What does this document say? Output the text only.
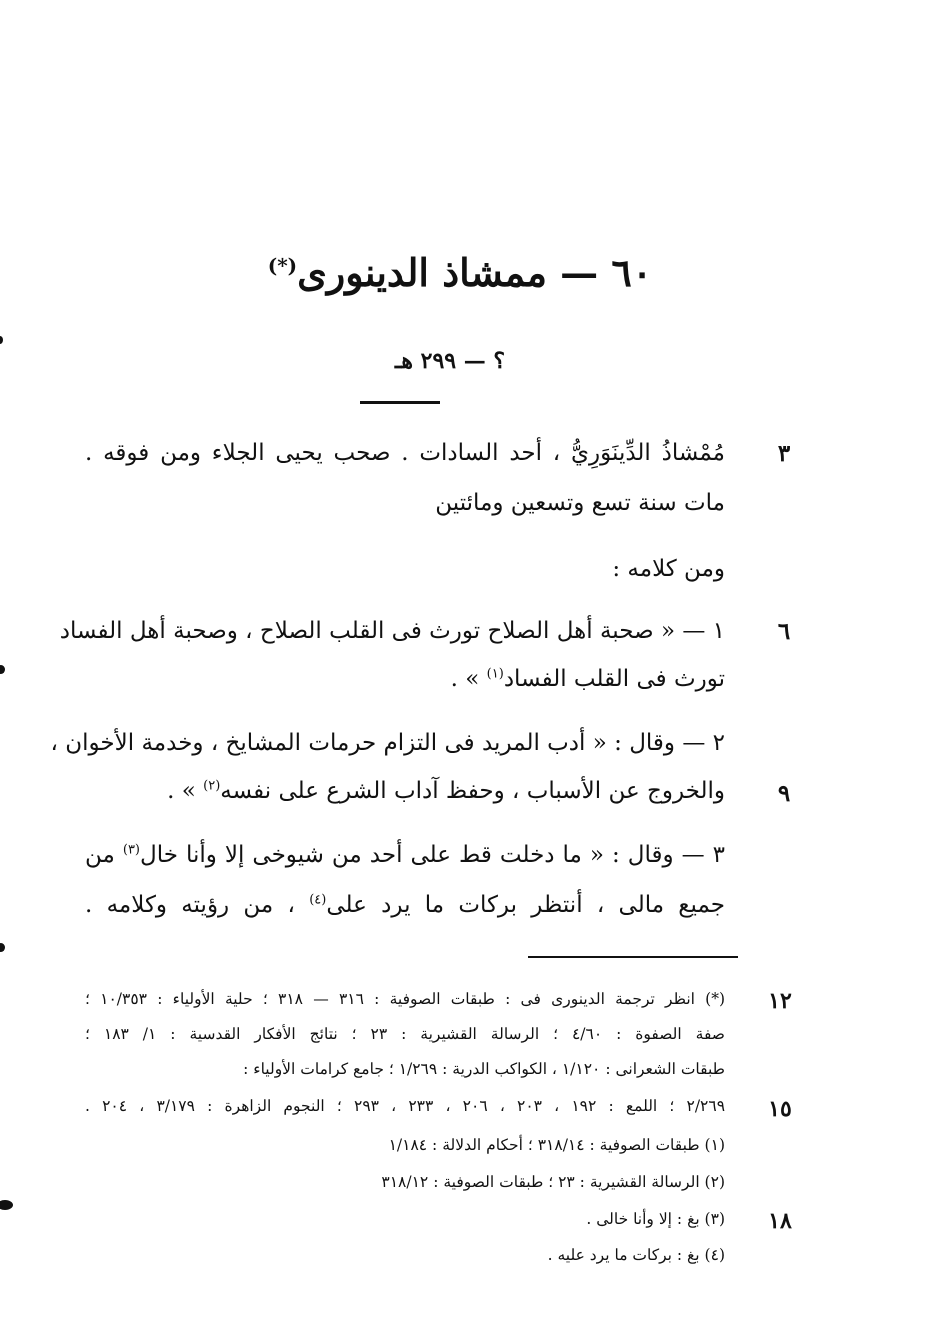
٦٠ — ممشاذ الدينورى(*)
؟ — ٢٩٩ هـ
مُمْشاذُ الدِّينَوَرِيُّ ، أحد السادات . صحب يحيى الجلاء ومن فوقه .
مات سنة تسع وتسعين ومائتين
ومن كلامه :
١ — « صحبة أهل الصلاح تورث فى القلب الصلاح ، وصحبة أهل الفساد
تورث فى القلب الفساد$^{(١)}$ » .
٢ — وقال : « أدب المريد فى التزام حرمات المشايخ ، وخدمة الأخوان ،
والخروج عن الأسباب ، وحفظ آداب الشرع على نفسه$^{(٢)}$ » .
٣ — وقال : « ما دخلت قط على أحد من شيوخى إلا وأنا خال$^{(٣)}$ من
جميع مالى ، أنتظر بركات ما يرد على$^{(٤)}$ ، من رؤيته وكلامه .
٣
٦
٩
(*) انظر ترجمة الدينورى فى : طبقات الصوفية : ٣١٦ — ٣١٨ ؛ حلية الأولياء : ١٠/٣٥٣ ؛
صفة الصفوة : ٤/٦٠ ؛ الرسالة القشيرية : ٢٣ ؛ نتائج الأفكار القدسية : ١/ ١٨٣ ؛
طبقات الشعرانى : ١/١٢٠ ، الكواكب الدرية : ١/٢٦٩ ؛ جامع كرامات الأولياء :
٢/٢٦٩ ؛ اللمع : ١٩٢ ، ٢٠٣ ، ٢٠٦ ، ٢٣٣ ، ٢٩٣ ؛ النجوم الزاهرة : ٣/١٧٩ ، ٢٠٤ .
(١) طبقات الصوفية : ٣١٨/١٤ ؛ أحكام الدلالة : ١/١٨٤
(٢) الرسالة القشيرية : ٢٣ ؛ طبقات الصوفية : ٣١٨/١٢
(٣) بغ : إلا وأنا خالى .
(٤) بغ : بركات ما يرد عليه .
١٢
١٥
١٨
